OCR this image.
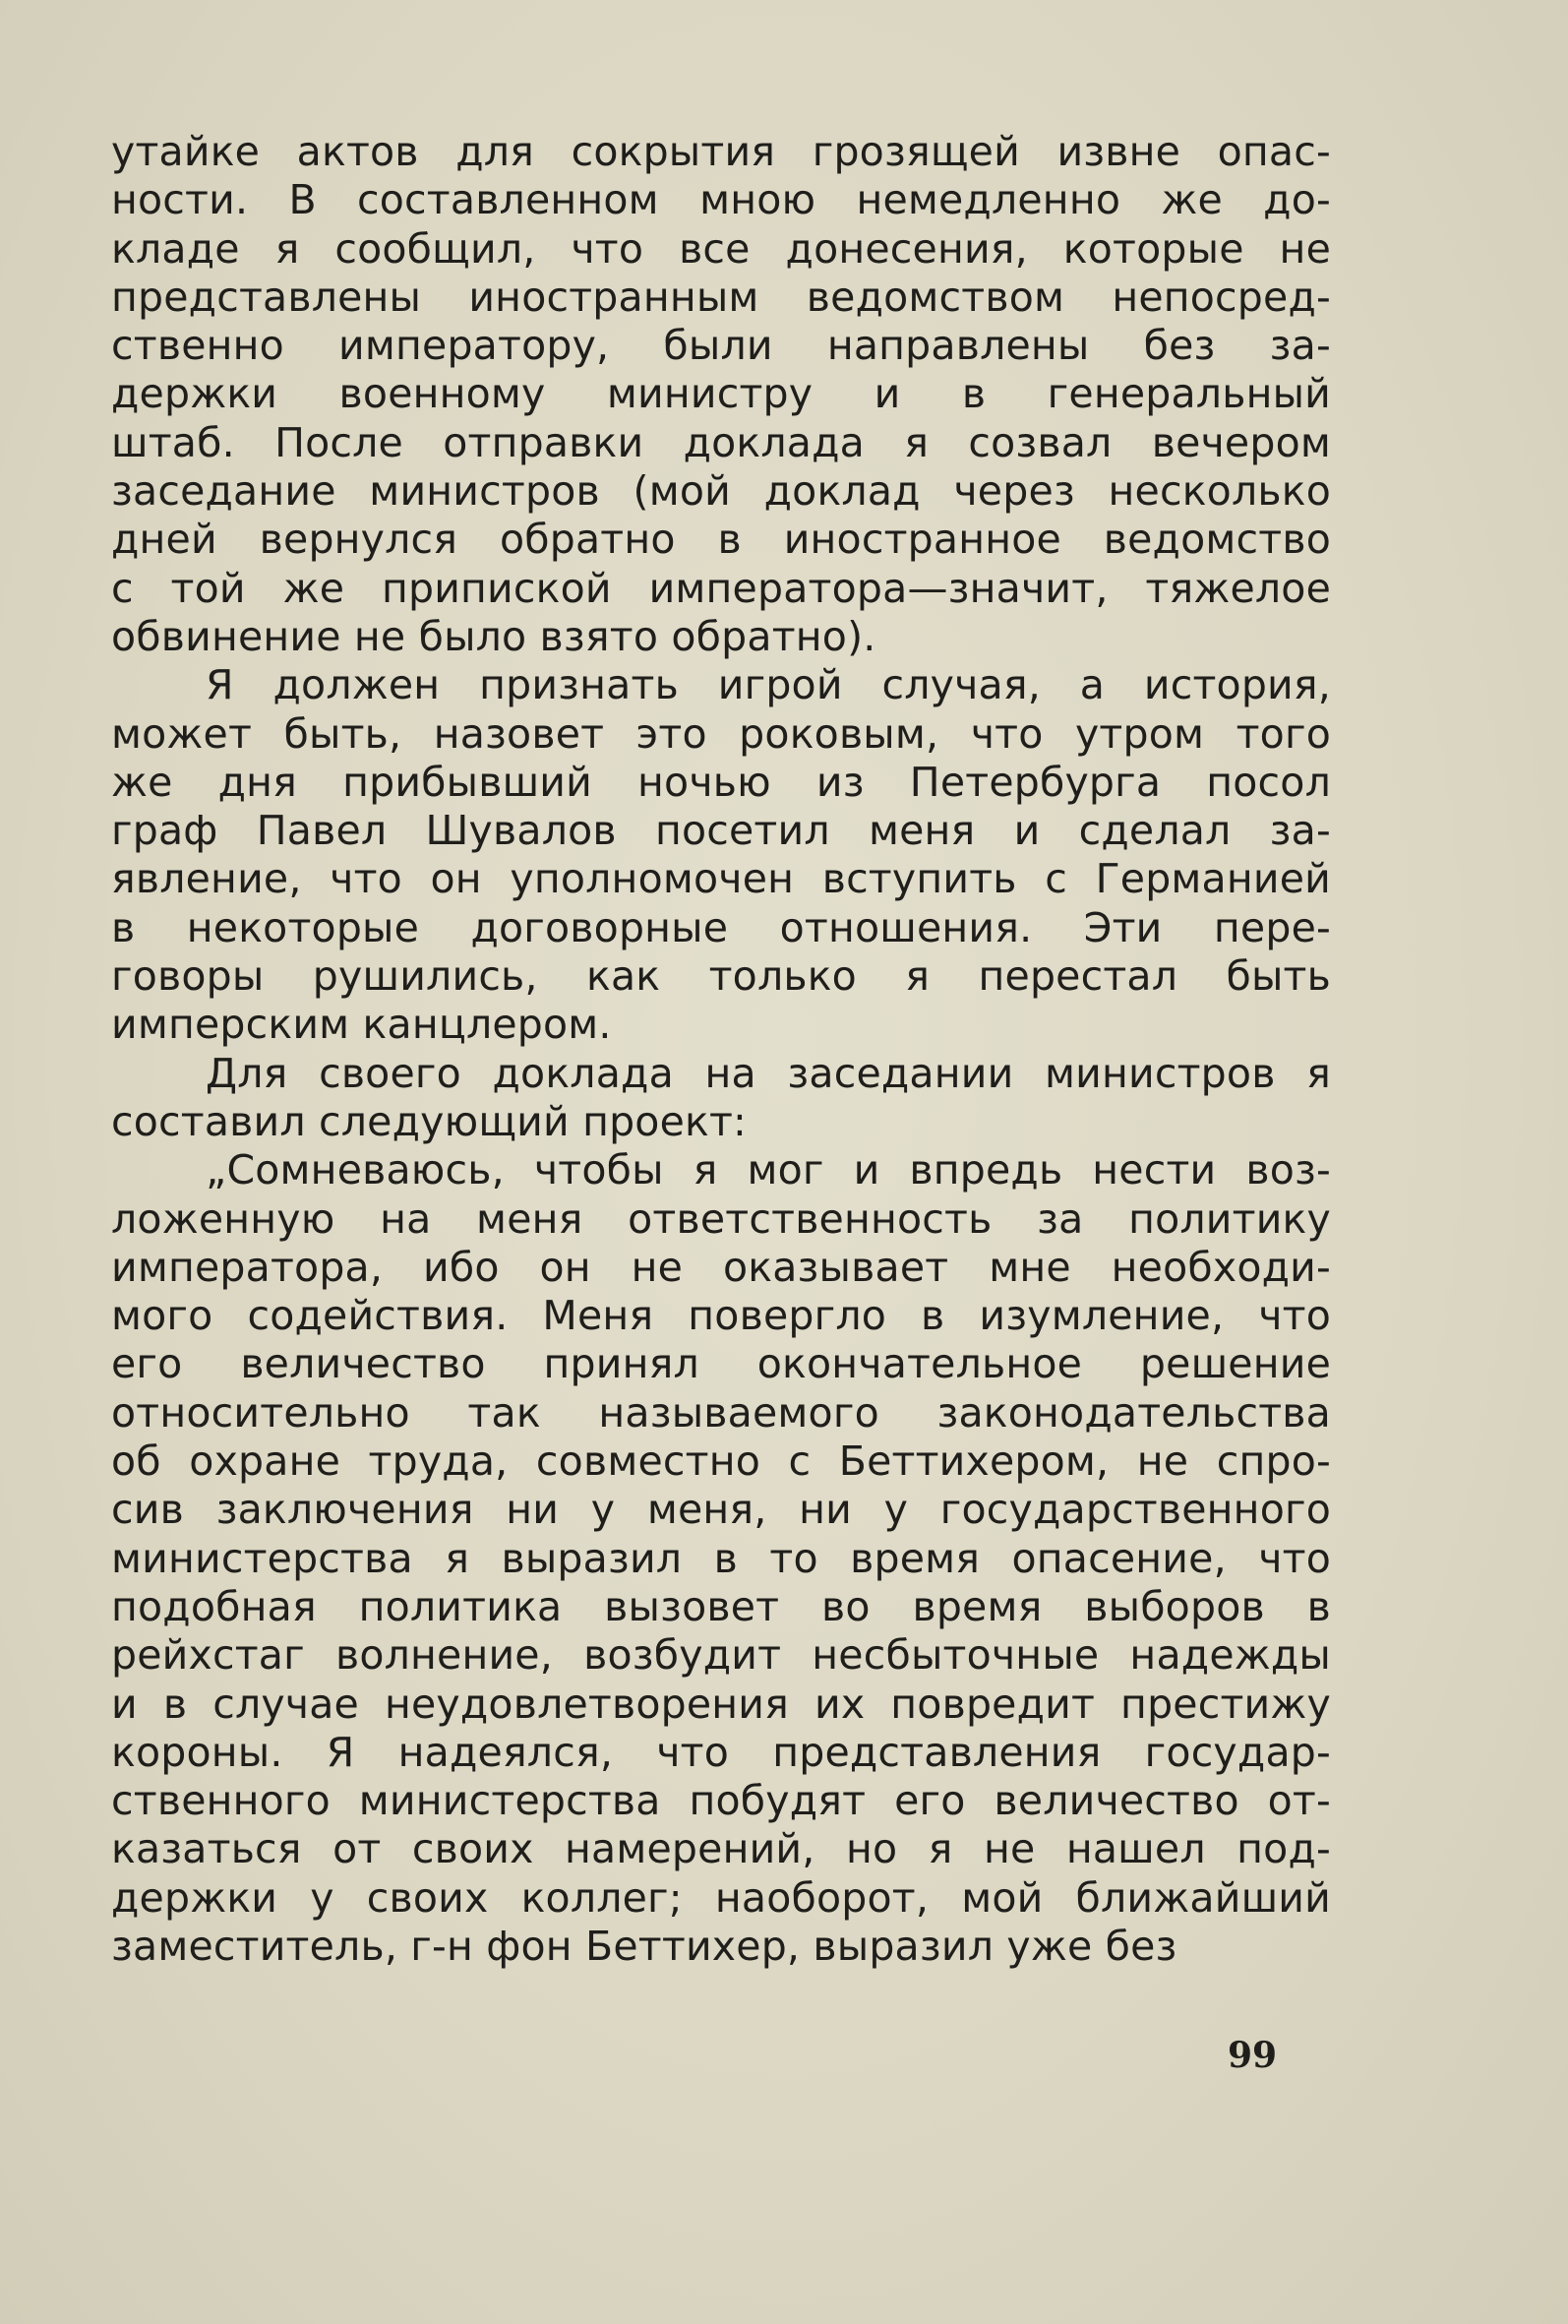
утайке актов для сокрытия грозящей извне опас-
ности. В составленном мною немедленно же до-
кладе я сообщил, что все донесения, которые не
представлены иностранным ведомством непосред-
ственно императору, были направлены без за-
держки военному министру и в генеральный
штаб. После отправки доклада я созвал вечером
заседание министров (мой доклад через несколько
дней вернулся обратно в иностранное ведомство
с той же припиской императора—значит, тяжелое
обвинение не было взято обратно).
Я должен признать игрой случая, а история,
может быть, назовет это роковым, что утром того
же дня прибывший ночью из Петербурга посол
граф Павел Шувалов посетил меня и сделал за-
явление, что он уполномочен вступить с Германией
в некоторые договорные отношения. Эти пере-
говоры рушились, как только я перестал быть
имперским канцлером.
Для своего доклада на заседании министров я
составил следующий проект:
„Сомневаюсь, чтобы я мог и впредь нести воз-
ложенную на меня ответственность за политику
императора, ибо он не оказывает мне необходи-
мого содействия. Меня повергло в изумление, что
его величество принял окончательное решение
относительно так называемого законодательства
об охране труда, совместно с Беттихером, не спро-
сив заключения ни у меня, ни у государственного
министерства я выразил в то время опасение, что
подобная политика вызовет во время выборов в
рейхстаг волнение, возбудит несбыточные надежды
и в случае неудовлетворения их повредит престижу
короны. Я надеялся, что представления государ-
ственного министерства побудят его величество от-
казаться от своих намерений, но я не нашел под-
держки у своих коллег; наоборот, мой ближайший
заместитель, г-н фон Беттихер, выразил уже без
99
